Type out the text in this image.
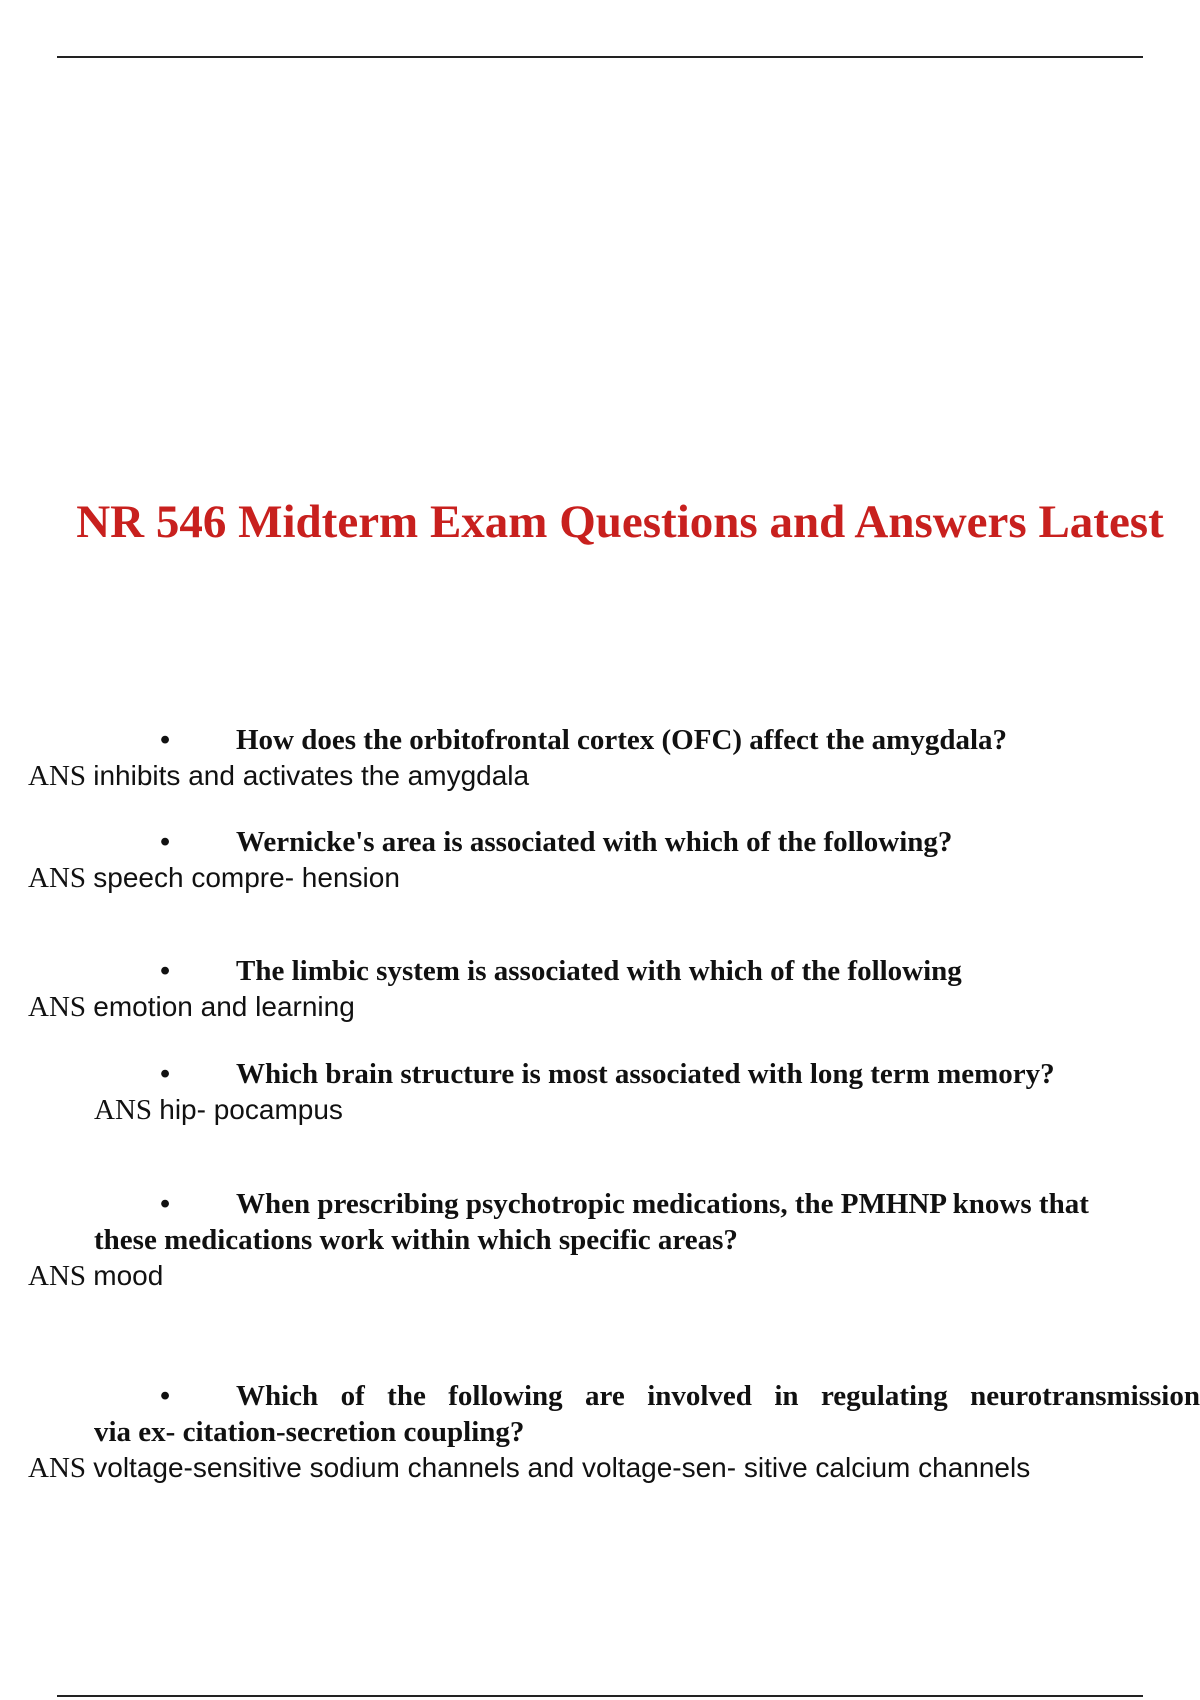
NR 546 Midterm Exam Questions and Answers Latest
• How does the orbitofrontal cortex (OFC) affect the amygdala?
ANS inhibits and activates the amygdala
• Wernicke's area is associated with which of the following?
ANS speech compre- hension
• The limbic system is associated with which of the following
ANS emotion and learning
• Which brain structure is most associated with long term memory?
ANS hip- pocampus
• When prescribing psychotropic medications, the PMHNP knows that
these medications work within which specific areas?
ANS mood
• Which of the following are involved in regulating neurotransmission
via ex- citation-secretion coupling?
ANS voltage-sensitive sodium channels and voltage-sen- sitive calcium channels
